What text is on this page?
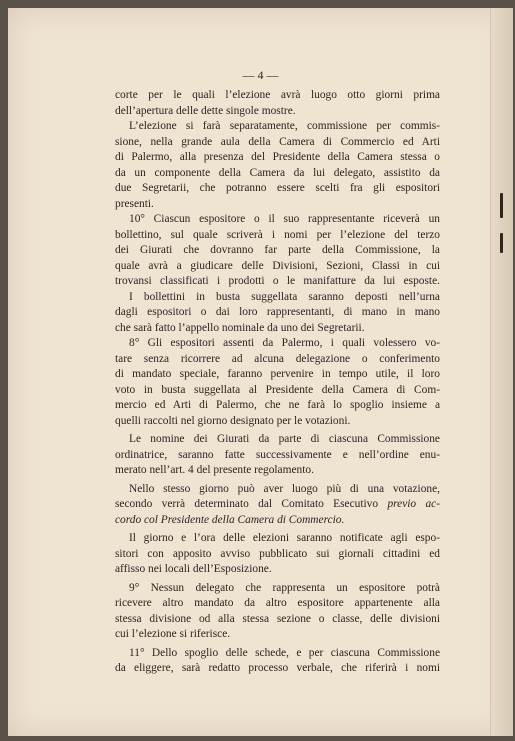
— 4 —
corte per le quali l’elezione avrà luogo otto giorni prima
dell’apertura delle dette singole mostre.
L’elezione si farà separatamente, commissione per commis-
sione, nella grande aula della Camera di Commercio ed Arti
di Palermo, alla presenza del Presidente della Camera stessa o
da un componente della Camera da lui delegato, assistito da
due Segretarii, che potranno essere scelti fra gli espositori
presenti.
10° Ciascun espositore o il suo rappresentante riceverà un
bollettino, sul quale scriverà i nomi per l’elezione del terzo
dei Giurati che dovranno far parte della Commissione, la
quale avrà a giudicare delle Divisioni, Sezioni, Classi in cui
trovansi classificati i prodotti o le manifatture da lui esposte.
I bollettini in busta suggellata saranno deposti nell’urna
dagli espositori o dai loro rappresentanti, di mano in mano
che sarà fatto l’appello nominale da uno dei Segretarii.
8° Gli espositori assenti da Palermo, i quali volessero vo-
tare senza ricorrere ad alcuna delegazione o conferimento
di mandato speciale, faranno pervenire in tempo utile, il loro
voto in busta suggellata al Presidente della Camera di Com-
mercio ed Arti di Palermo, che ne farà lo spoglio insieme a
quelli raccolti nel giorno designato per le votazioni.
Le nomine dei Giurati da parte di ciascuna Commissione
ordinatrice, saranno fatte successivamente e nell’ordine enu-
merato nell’art. 4 del presente regolamento.
Nello stesso giorno può aver luogo più di una votazione,
secondo verrà determinato dal Comitato Esecutivo previo ac-
cordo col Presidente della Camera di Commercio.
Il giorno e l’ora delle elezioni saranno notificate agli espo-
sitori con apposito avviso pubblicato sui giornali cittadini ed
affisso nei locali dell’Esposizione.
9° Nessun delegato che rappresenta un espositore potrà
ricevere altro mandato da altro espositore appartenente alla
stessa divisione od alla stessa sezione o classe, delle divisioni
cui l’elezione si riferisce.
11° Dello spoglio delle schede, e per ciascuna Commissione
da eliggere, sarà redatto processo verbale, che riferirà i nomi
